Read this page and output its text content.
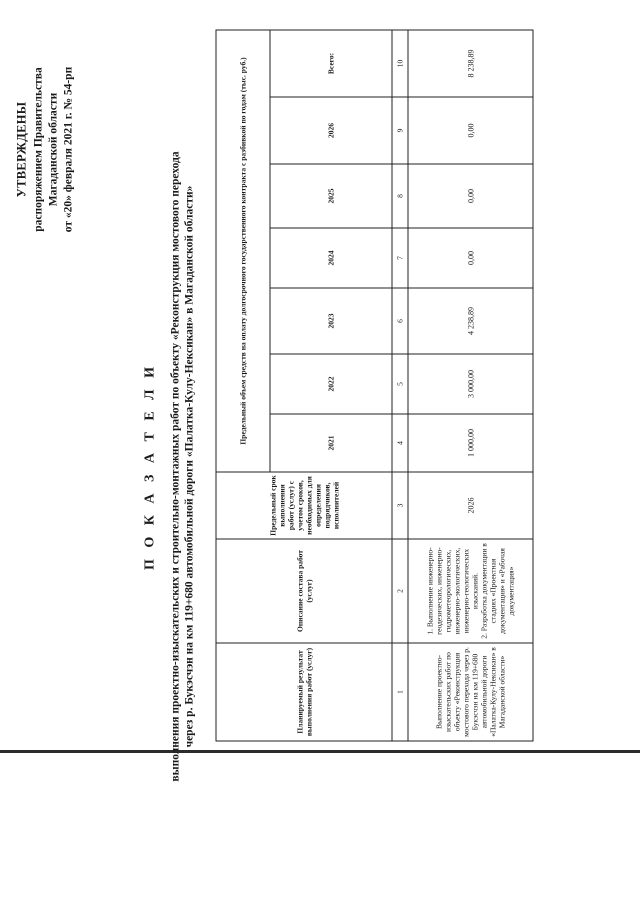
УТВЕРЖДЕНЫ распоряжением Правительства Магаданской области от «20» февраля 2021 г. № 54-рп
П О К А З А Т Е Л И выполнения проектно-изыскательских и строительно-монтажных работ по объекту «Реконструкция мостового перехода через р. Букэсчэн на км 119+680 автомобильной дороги «Палатка-Кулу-Нексикан» в Магаданской области»	Планируемый результат выполнения работ (услуг)	Описание состава работ (услуг)	Предельный срок выполнения работ (услуг) с учетом сроков, необходимых для определения подрядчиков, исполнителей	Предельный объем средств на оплату долгосрочного государственного контракта с разбивкой по годам (тыс. руб.)						
			2021	2022	2023	2024	2025	2026	Всего:
1	2	3	4	5	6	7	8	9	10
Выполнение проектно-изыскательских работ по объекту «Реконструкция мостового перехода через р. Букэсчэн на км 119+680 автомобильной дороги «Палатка-Кулу-Нексикан» в Магаданской области»	1. Выполнение инженерно-геодезических, инженерно-гидрометеорологических, инженерно-экологических, инженерно-геологических изысканий. 2. Разработка документации в стадиях «Проектная документация» и «Рабочая документация»	2026	1 000,00	3 000,00	4 238,89	0,00	0,00	0,00	8 238,89
